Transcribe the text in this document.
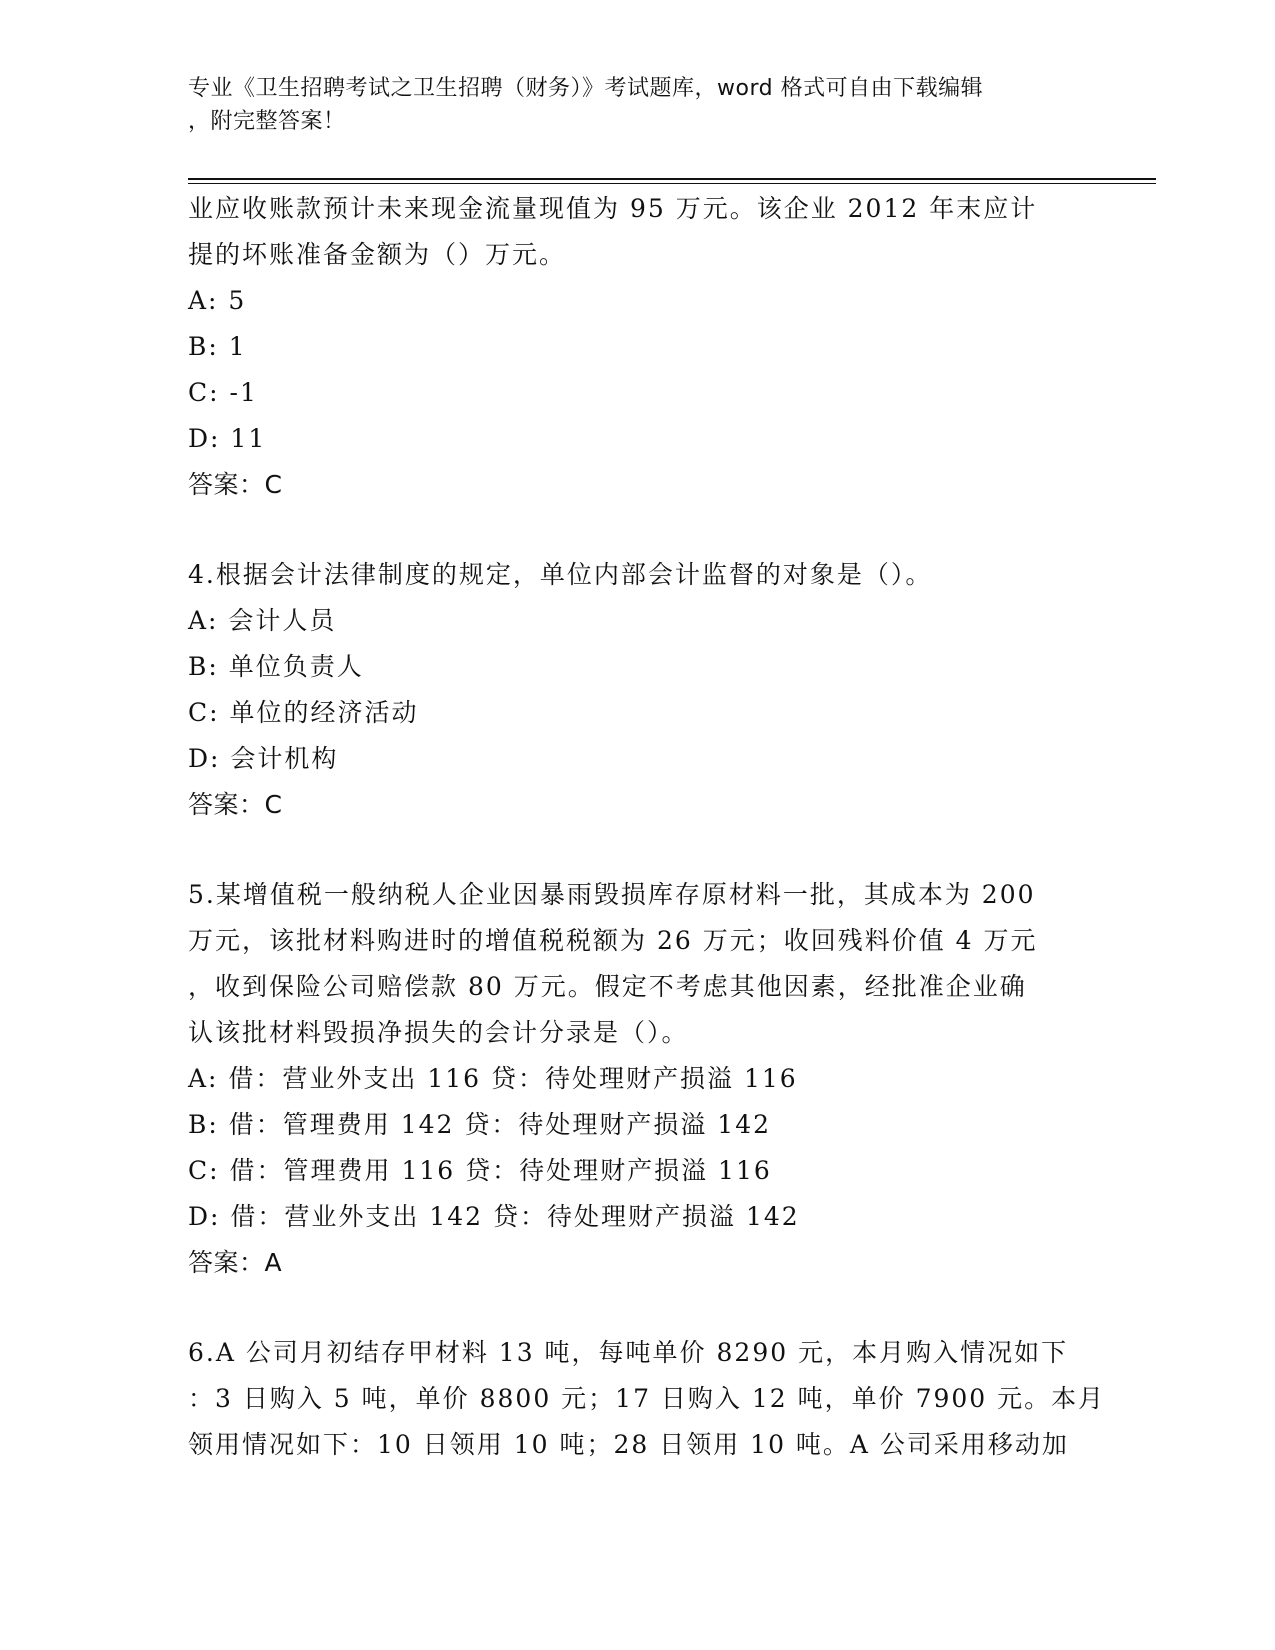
专业《卫生招聘考试之卫生招聘（财务）》考试题库，word 格式可自由下载编辑
，附完整答案！
业应收账款预计未来现金流量现值为 95 万元。该企业 2012 年末应计
提的坏账准备金额为（）万元。
A: 5
B: 1
C: -1
D: 11
答案：C
4.根据会计法律制度的规定，单位内部会计监督的对象是（）。
A: 会计人员
B: 单位负责人
C: 单位的经济活动
D: 会计机构
答案：C
5.某增值税一般纳税人企业因暴雨毁损库存原材料一批，其成本为 200
万元，该批材料购进时的增值税税额为 26 万元；收回残料价值 4 万元
，收到保险公司赔偿款 80 万元。假定不考虑其他因素，经批准企业确
认该批材料毁损净损失的会计分录是（）。
A: 借：营业外支出 116 贷：待处理财产损溢 116
B: 借：管理费用 142 贷：待处理财产损溢 142
C: 借：管理费用 116 贷：待处理财产损溢 116
D: 借：营业外支出 142 贷：待处理财产损溢 142
答案：A
6.A 公司月初结存甲材料 13 吨，每吨单价 8290 元，本月购入情况如下
：3 日购入 5 吨，单价 8800 元；17 日购入 12 吨，单价 7900 元。本月
领用情况如下：10 日领用 10 吨；28 日领用 10 吨。A 公司采用移动加
